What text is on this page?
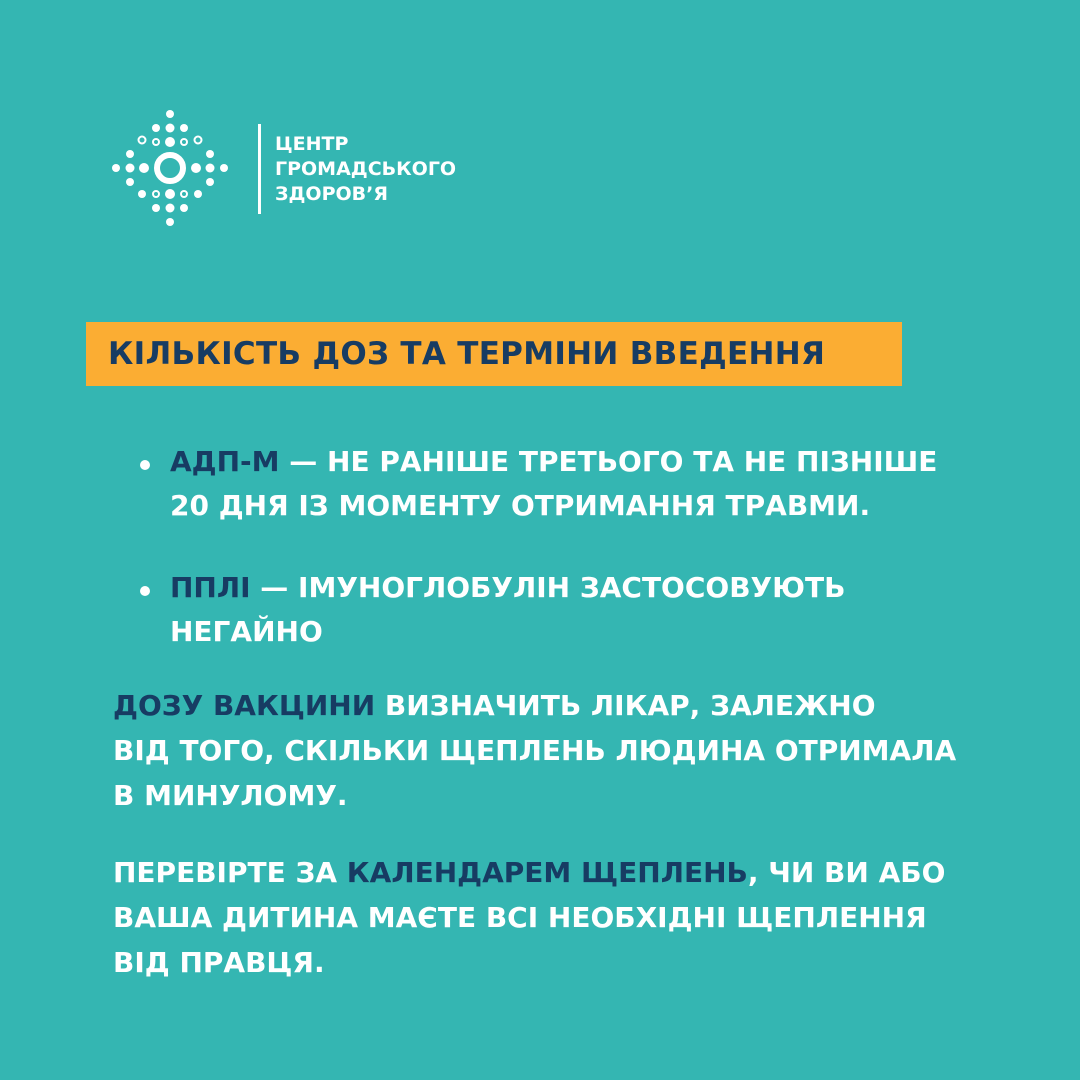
ЦЕНТР
ГРОМАДСЬКОГО
ЗДОРОВ’Я
КІЛЬКІСТЬ ДОЗ ТА ТЕРМІНИ ВВЕДЕННЯ
АДП-М — НЕ РАНІШЕ ТРЕТЬОГО ТА НЕ ПІЗНІШЕ
20 ДНЯ ІЗ МОМЕНТУ ОТРИМАННЯ ТРАВМИ.
ППЛІ — ІМУНОГЛОБУЛІН ЗАСТОСОВУЮТЬ
НЕГАЙНО
ДОЗУ ВАКЦИНИ ВИЗНАЧИТЬ ЛІКАР, ЗАЛЕЖНО
ВІД ТОГО, СКІЛЬКИ ЩЕПЛЕНЬ ЛЮДИНА ОТРИМАЛА
В МИНУЛОМУ.
ПЕРЕВІРТЕ ЗА КАЛЕНДАРЕМ ЩЕПЛЕНЬ, ЧИ ВИ АБО
ВАША ДИТИНА МАЄТЕ ВСІ НЕОБХІДНІ ЩЕПЛЕННЯ
ВІД ПРАВЦЯ.
